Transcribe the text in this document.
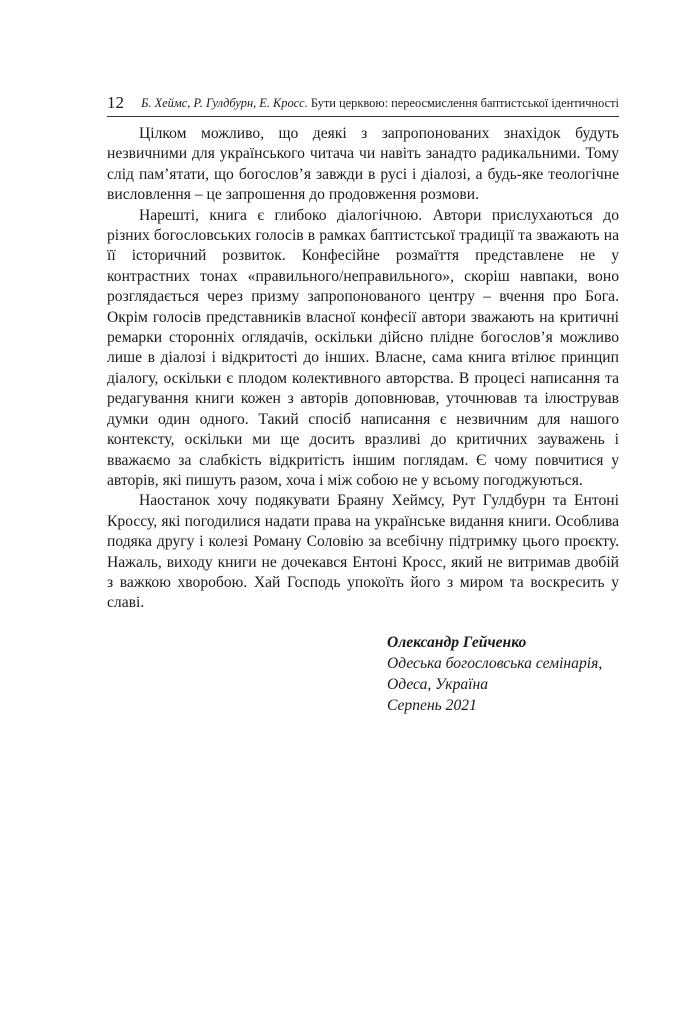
12 Б. Хеймс, Р. Гулдбурн, Е. Кросс. Бути церквою: переосмислення баптистської ідентичності

Цілком можливо, що деякі з запропонованих знахідок будуть незвичними для українського читача чи навіть занадто радикальними. Тому слід пам’ятати, що богослов’я завжди в русі і діалозі, а будь-яке теологічне висловлення – це запрошення до продовження розмови.

Нарешті, книга є глибоко діалогічною. Автори прислухаються до різних богословських голосів в рамках баптистської традиції та зважають на її історичний розвиток. Конфесійне розмаїття представлене не у контрастних тонах «правильного/неправильного», скоріш навпаки, воно розглядається через призму запропонованого центру – вчення про Бога. Окрім голосів представників власної конфесії автори зважають на критичні ремарки сторонніх оглядачів, оскільки дійсно плідне богослов’я можливо лише в діалозі і відкритості до інших. Власне, сама книга втілює принцип діалогу, оскільки є плодом колективного авторства. В процесі написання та редагування книги кожен з авторів доповнював, уточнював та ілюстрував думки один одного. Такий спосіб написання є незвичним для нашого контексту, оскільки ми ще досить вразливі до критичних зауважень і вважаємо за слабкість відкритість іншим поглядам. Є чому повчитися у авторів, які пишуть разом, хоча і між собою не у всьому погоджуються.

Наостанок хочу подякувати Браяну Хеймсу, Рут Гулдбурн та Ентоні Кроссу, які погодилися надати права на українське видання книги. Особлива подяка другу і колезі Роману Соловію за всебічну підтримку цього проєкту. Нажаль, виходу книги не дочекався Ентоні Кросс, який не витримав двобій з важкою хворобою. Хай Господь упокоїть його з миром та воскресить у славі.

Олександр Гейченко
Одеська богословська семінарія,
Одеса, Україна
Серпень 2021
